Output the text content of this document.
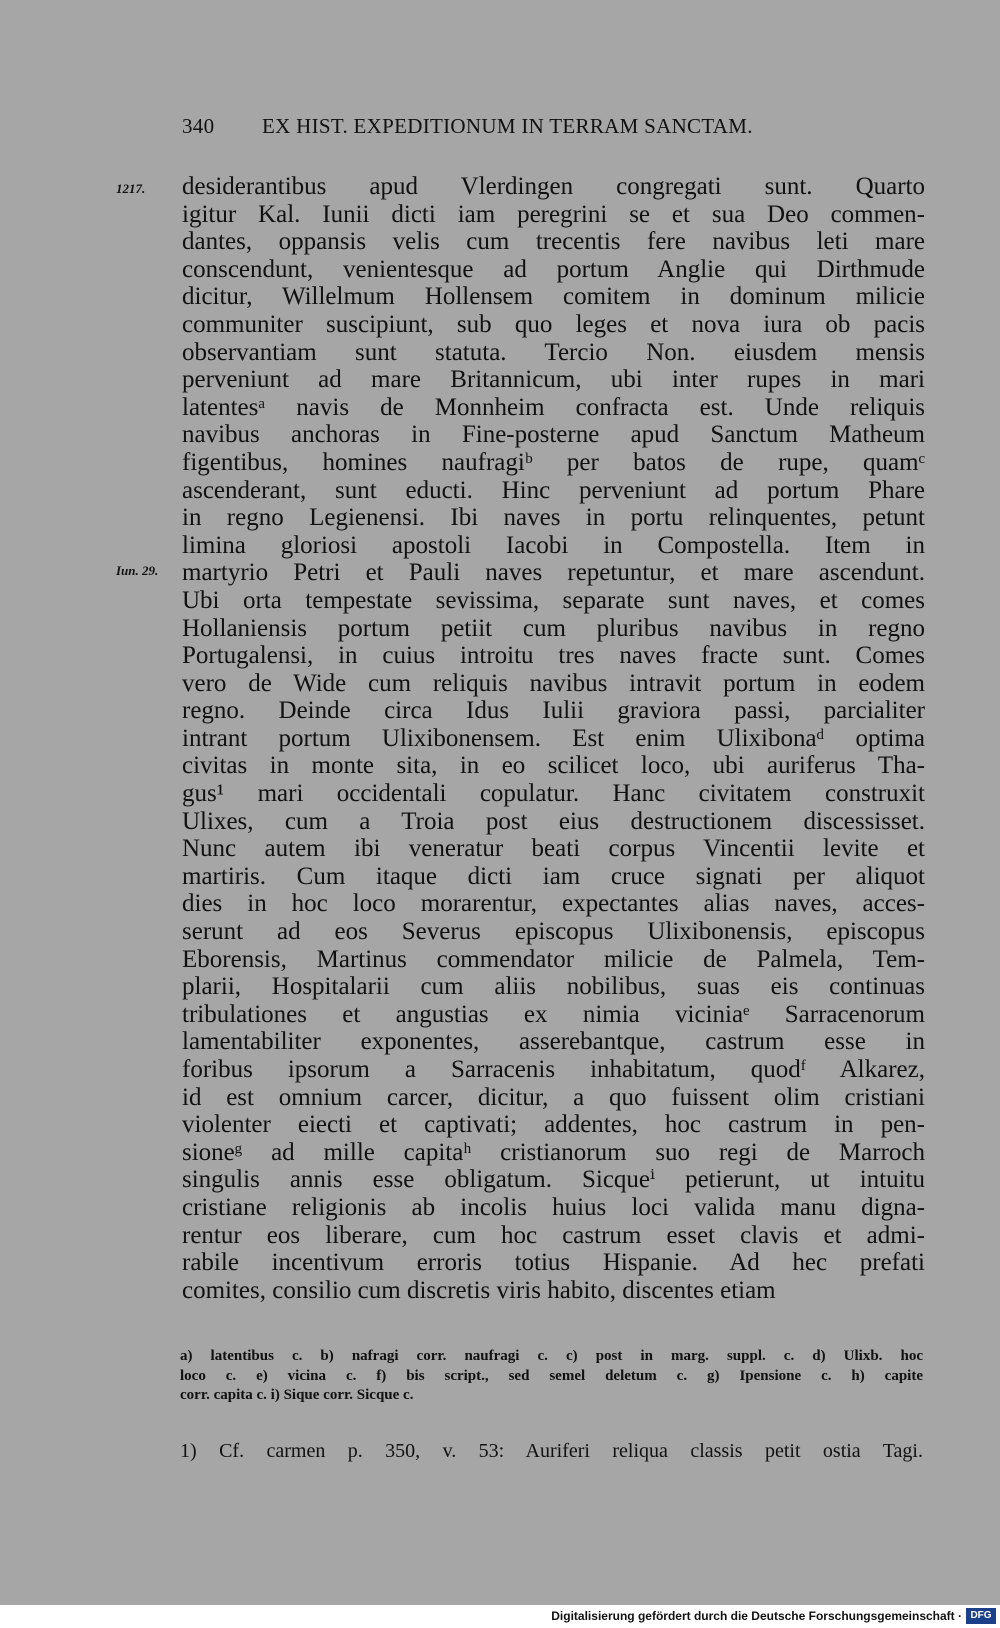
340 EX HIST. EXPEDITIONUM IN TERRAM SANCTAM.
1217.
Iun. 29.
desiderantibus apud Vlerdingen congregati sunt. Quarto
igitur Kal. Iunii dicti iam peregrini se et sua Deo commen-
dantes, oppansis velis cum trecentis fere navibus leti mare
conscendunt, venientesque ad portum Anglie qui Dirthmude
dicitur, Willelmum Hollensem comitem in dominum milicie
communiter suscipiunt, sub quo leges et nova iura ob pacis
observantiam sunt statuta. Tercio Non. eiusdem mensis
perveniunt ad mare Britannicum, ubi inter rupes in mari
latentesᵃ navis de Monnheim confracta est. Unde reliquis
navibus anchoras in Fine-posterne apud Sanctum Matheum
figentibus, homines naufragiᵇ per batos de rupe, quamᶜ
ascenderant, sunt educti. Hinc perveniunt ad portum Phare
in regno Legienensi. Ibi naves in portu relinquentes, petunt
limina gloriosi apostoli Iacobi in Compostella. Item in
martyrio Petri et Pauli naves repetuntur, et mare ascendunt.
Ubi orta tempestate sevissima, separate sunt naves, et comes
Hollaniensis portum petiit cum pluribus navibus in regno
Portugalensi, in cuius introitu tres naves fracte sunt. Comes
vero de Wide cum reliquis navibus intravit portum in eodem
regno. Deinde circa Idus Iulii graviora passi, parcialiter
intrant portum Ulixibonensem. Est enim Ulixibonaᵈ optima
civitas in monte sita, in eo scilicet loco, ubi auriferus Tha-
gus¹ mari occidentali copulatur. Hanc civitatem construxit
Ulixes, cum a Troia post eius destructionem discessisset.
Nunc autem ibi veneratur beati corpus Vincentii levite et
martiris. Cum itaque dicti iam cruce signati per aliquot
dies in hoc loco morarentur, expectantes alias naves, acces-
serunt ad eos Severus episcopus Ulixibonensis, episcopus
Eborensis, Martinus commendator milicie de Palmela, Tem-
plarii, Hospitalarii cum aliis nobilibus, suas eis continuas
tribulationes et angustias ex nimia viciniaᵉ Sarracenorum
lamentabiliter exponentes, asserebantque, castrum esse in
foribus ipsorum a Sarracenis inhabitatum, quodᶠ Alkarez,
id est omnium carcer, dicitur, a quo fuissent olim cristiani
violenter eiecti et captivati; addentes, hoc castrum in pen-
sioneᵍ ad mille capitaʰ cristianorum suo regi de Marroch
singulis annis esse obligatum. Sicqueⁱ petierunt, ut intuitu
cristiane religionis ab incolis huius loci valida manu digna-
rentur eos liberare, cum hoc castrum esset clavis et admi-
rabile incentivum erroris totius Hispanie. Ad hec prefati
comites, consilio cum discretis viris habito, discentes etiam
a) latentibus c. b) nafragi corr. naufragi c. c) post in marg. suppl. c. d) Ulixb. hoc
loco c. e) vicina c. f) bis script., sed semel deletum c. g) Ipensione c. h) capite
corr. capita c. i) Sique corr. Sicque c.
1) Cf. carmen p. 350, v. 53: Auriferi reliqua classis petit ostia Tagi.
Digitalisierung gefördert durch die Deutsche Forschungsgemeinschaft · DFG
